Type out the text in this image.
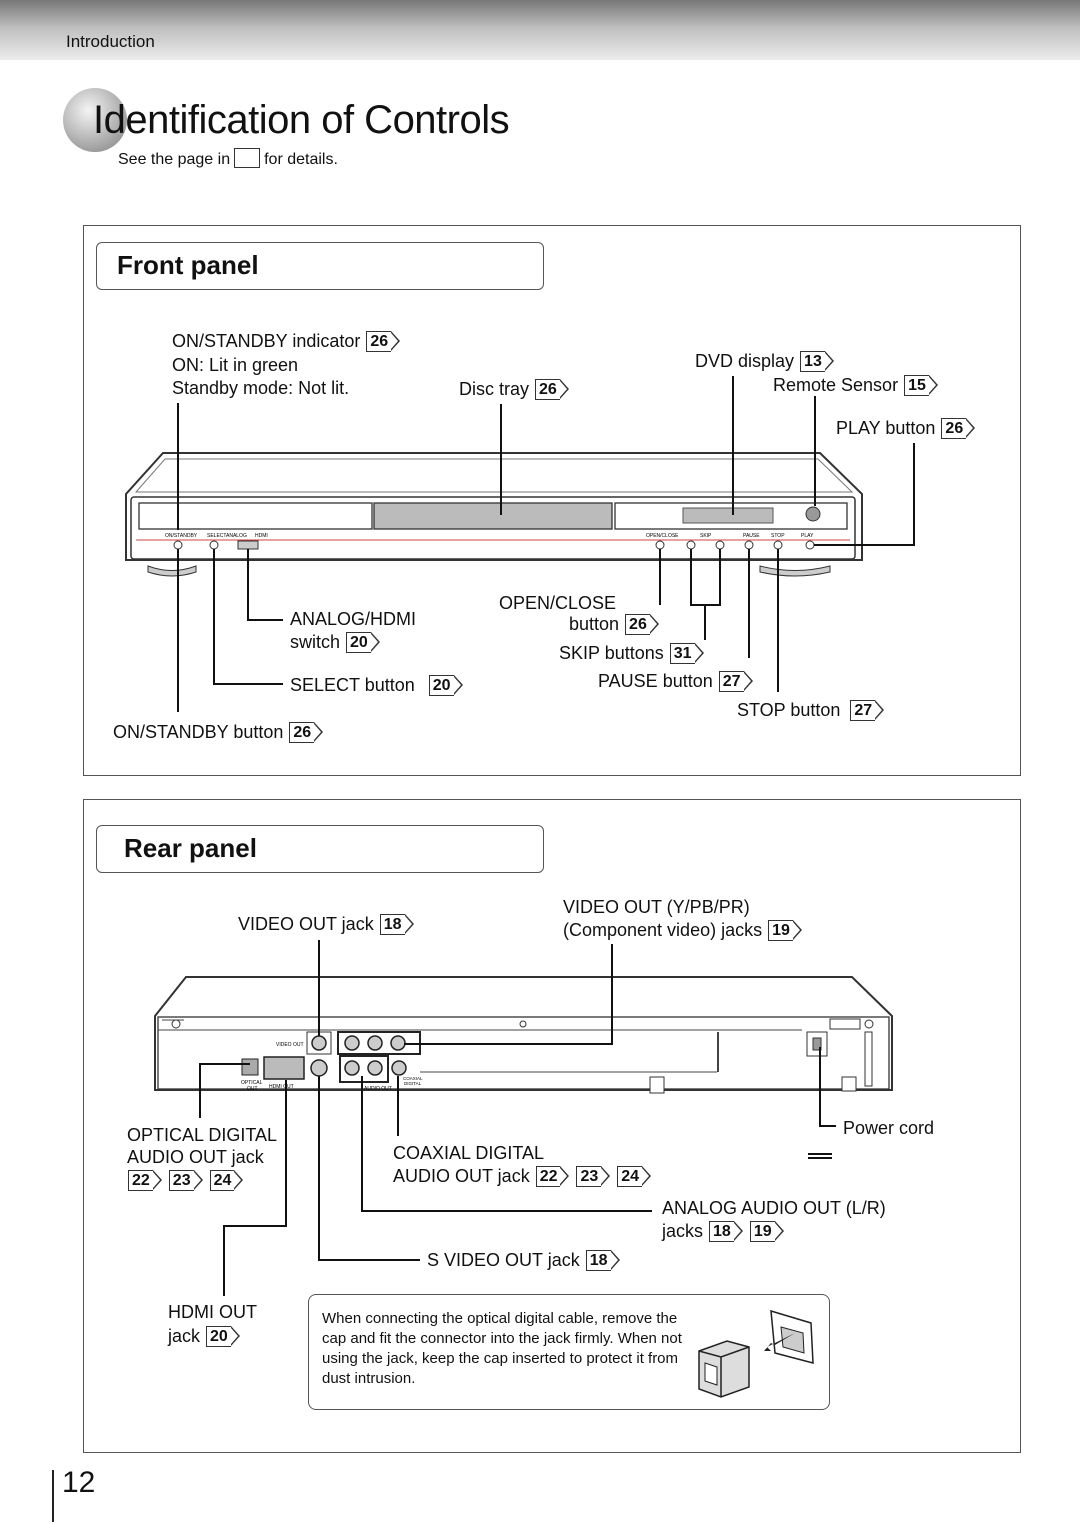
Introduction
Identification of Controls
See the page in for details.
Front panel
ON/STANDBY SELECT ANALOG HDMI	OPEN/CLOSE	SKIP	PAUSE STOP	PLAY
ON/STANDBY indicator 26
ON: Lit in green
Standby mode: Not lit.	Disc tray 26
DVD display 13
Remote Sensor 15
PLAY button 26
ANALOG/HDMI
switch 20
SELECT button 20
ON/STANDBY button 26
OPEN/CLOSE
button 26
SKIP buttons 31
PAUSE button 27
STOP button 27
Rear panel
VIDEO OUT
OPTICAL
OUT HDMI OUT	AUDIO OUT
COAXIAL
DIGITAL
VIDEO OUT jack 18
VIDEO OUT (Y/PB/PR)
(Component video) jacks 19
OPTICAL DIGITAL
AUDIO OUT jack
22 23 24
COAXIAL DIGITAL
AUDIO OUT jack 22 23 24
Power cord
ANALOG AUDIO OUT (L/R)
jacks 18 19
S VIDEO OUT jack 18
HDMI OUT
jack 20
When connecting the optical digital cable, remove the cap and fit the connector into the jack firmly. When not using the jack, keep the cap inserted to protect it from dust intrusion.
12
